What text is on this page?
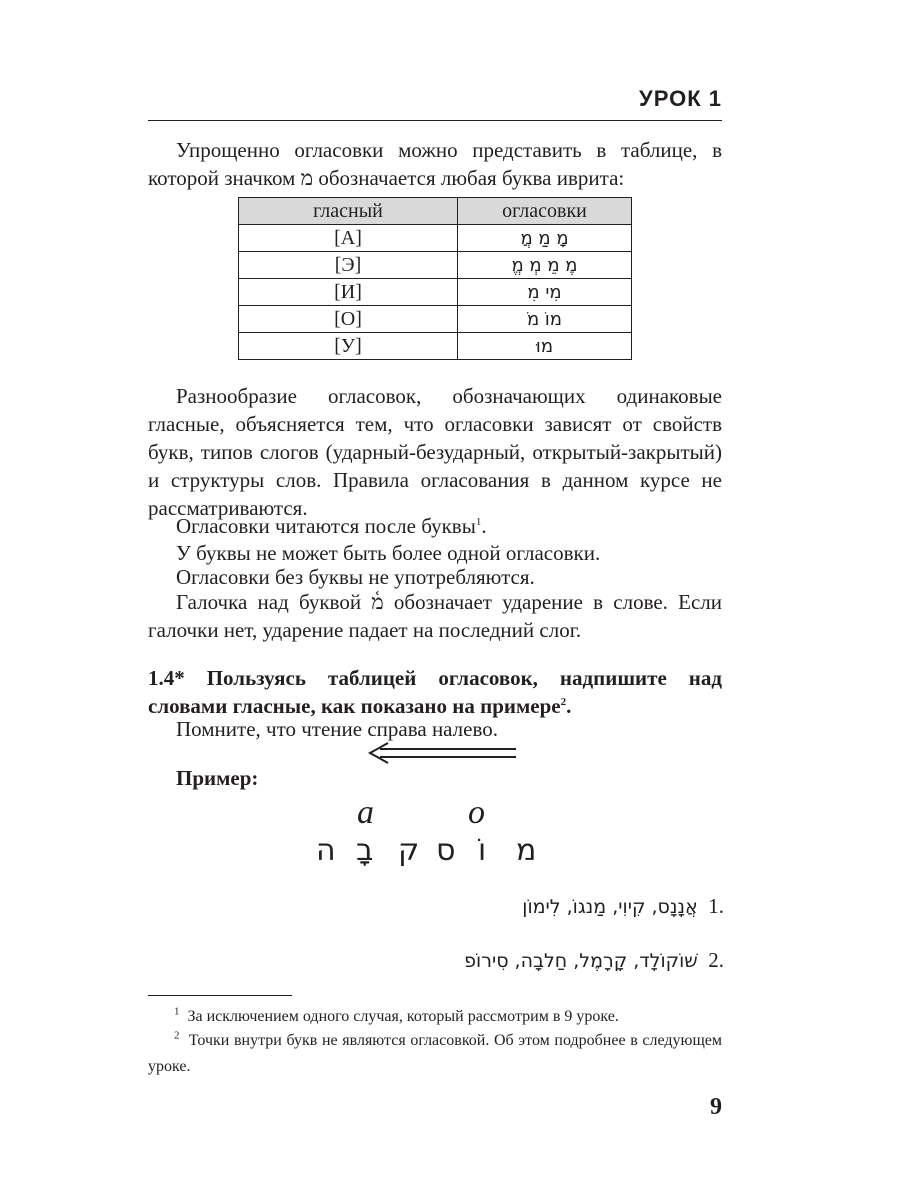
УРОК 1
Упрощенно огласовки можно представить в таблице, в которой значком מ обозначается любая буква иврита:
гласный	огласовки
[А]	מָ מַ מֲ
[Э]	מֶ מֵ מְ מֱ
[И]	מִי מִ
[О]	מוֹ מֹ
[У]	מוּ
Разнообразие огласовок, обозначающих одинаковые гласные, объясняется тем, что огласовки зависят от свойств букв, типов слогов (ударный-безударный, открытый-закрытый) и структуры слов. Правила огласования в данном курсе не рассматриваются.
Огласовки читаются после буквы$^1$.
У буквы не может быть более одной огласовки.
Огласовки без буквы не употребляются.
Галочка над буквой מ֫ обозначает ударение в слове. Если галочки нет, ударение падает на последний слог.
1.4* Пользуясь таблицей огласовок, надпишите над словами гласные, как показано на примере$^2$.
Помните, что чтение справа налево.
Пример:
a	o
מ
וֹ
ס
ק
בָ
ה
1.  אֲנָנָס, קִיוִי, מַנגוֹ, לִימוֹן
2.  שׁוֹקוֹלָד, קָרָמֶל, חַלבָה, סִירוֹפ
$^1$ За исключением одного случая, который рассмотрим в 9 уроке.
$^2$ Точки внутри букв не являются огласовкой. Об этом подробнее в следующем уроке.
9
